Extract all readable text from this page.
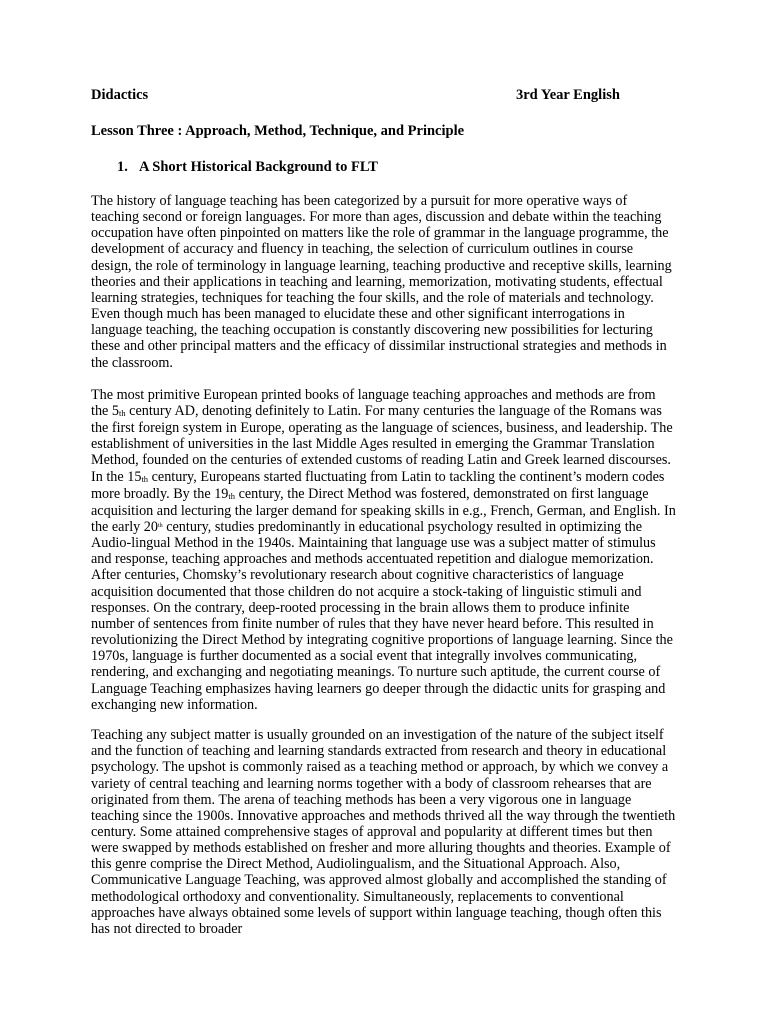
Didactics	3rd Year English
Lesson Three : Approach, Method, Technique, and Principle
1. A Short Historical Background to FLT

The history of language teaching has been categorized by a pursuit for more operative ways of teaching second or foreign languages. For more than ages, discussion and debate within the teaching occupation have often pinpointed on matters like the role of grammar in the language programme, the development of accuracy and fluency in teaching, the selection of curriculum outlines in course design, the role of terminology in language learning, teaching productive and receptive skills, learning theories and their applications in teaching and learning, memorization, motivating students, effectual learning strategies, techniques for teaching the four skills, and the role of materials and technology. Even though much has been managed to elucidate these and other significant interrogations in language teaching, the teaching occupation is constantly discovering new possibilities for lecturing these and other principal matters and the efficacy of dissimilar instructional strategies and methods in the classroom.

The most primitive European printed books of language teaching approaches and methods are from the $5_{th}$ century AD, denoting definitely to Latin. For many centuries the language of the Romans was the first foreign system in Europe, operating as the language of sciences, business, and leadership. The establishment of universities in the last Middle Ages resulted in emerging the Grammar Translation Method, founded on the centuries of extended customs of reading Latin and Greek learned discourses. In the $15_{th}$ century, Europeans started fluctuating from Latin to tackling the continent’s modern codes more broadly. By the $19_{th}$ century, the Direct Method was fostered, demonstrated on first language acquisition and lecturing the larger demand for speaking skills in e.g., French, German, and English. In the early 20th century, studies predominantly in educational psychology resulted in optimizing the Audio-lingual Method in the 1940s. Maintaining that language use was a subject matter of stimulus and response, teaching approaches and methods accentuated repetition and dialogue memorization. After centuries, Chomsky’s revolutionary research about cognitive characteristics of language acquisition documented that those children do not acquire a stock-taking of linguistic stimuli and responses. On the contrary, deep-rooted processing in the brain allows them to produce infinite number of sentences from finite number of rules that they have never heard before. This resulted in revolutionizing the Direct Method by integrating cognitive proportions of language learning. Since the 1970s, language is further documented as a social event that integrally involves communicating, rendering, and exchanging and negotiating meanings. To nurture such aptitude, the current course of Language Teaching emphasizes having learners go deeper through the didactic units for grasping and exchanging new information.

Teaching any subject matter is usually grounded on an investigation of the nature of the subject itself and the function of teaching and learning standards extracted from research and theory in educational psychology. The upshot is commonly raised as a teaching method or approach, by which we convey a variety of central teaching and learning norms together with a body of classroom rehearses that are originated from them. The arena of teaching methods has been a very vigorous one in language teaching since the 1900s. Innovative approaches and methods thrived all the way through the twentieth century. Some attained comprehensive stages of approval and popularity at different times but then were swapped by methods established on fresher and more alluring thoughts and theories. Example of this genre comprise the Direct Method, Audiolingualism, and the Situational Approach. Also, Communicative Language Teaching, was approved almost globally and accomplished the standing of methodological orthodoxy and conventionality. Simultaneously, replacements to conventional approaches have always obtained some levels of support within language teaching, though often this has not directed to broader
